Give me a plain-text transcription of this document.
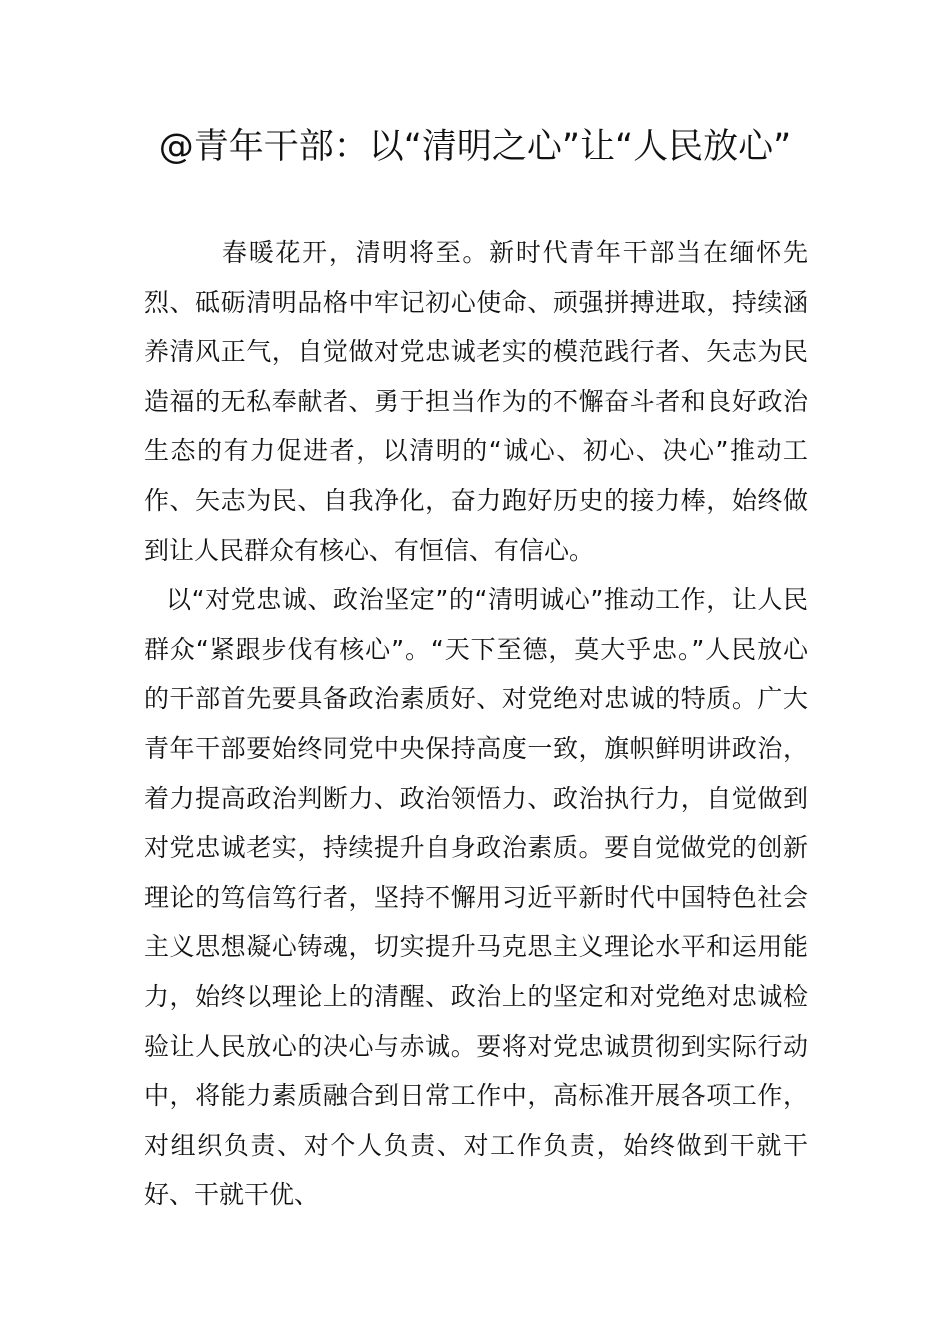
@青年干部：以“清明之心”让“人民放心”

春暖花开，清明将至。新时代青年干部当在缅怀先烈、砥砺清明品格中牢记初心使命、顽强拼搏进取，持续涵养清风正气，自觉做对党忠诚老实的模范践行者、矢志为民造福的无私奉献者、勇于担当作为的不懈奋斗者和良好政治生态的有力促进者，以清明的“诚心、初心、决心”推动工作、矢志为民、自我净化，奋力跑好历史的接力棒，始终做到让人民群众有核心、有恒信、有信心。

以“对党忠诚、政治坚定”的“清明诚心”推动工作，让人民群众“紧跟步伐有核心”。“天下至德，莫大乎忠。”人民放心的干部首先要具备政治素质好、对党绝对忠诚的特质。广大青年干部要始终同党中央保持高度一致，旗帜鲜明讲政治，着力提高政治判断力、政治领悟力、政治执行力，自觉做到对党忠诚老实，持续提升自身政治素质。要自觉做党的创新理论的笃信笃行者，坚持不懈用习近平新时代中国特色社会主义思想凝心铸魂，切实提升马克思主义理论水平和运用能力，始终以理论上的清醒、政治上的坚定和对党绝对忠诚检验让人民放心的决心与赤诚。要将对党忠诚贯彻到实际行动中，将能力素质融合到日常工作中，高标准开展各项工作，对组织负责、对个人负责、对工作负责，始终做到干就干好、干就干优、
